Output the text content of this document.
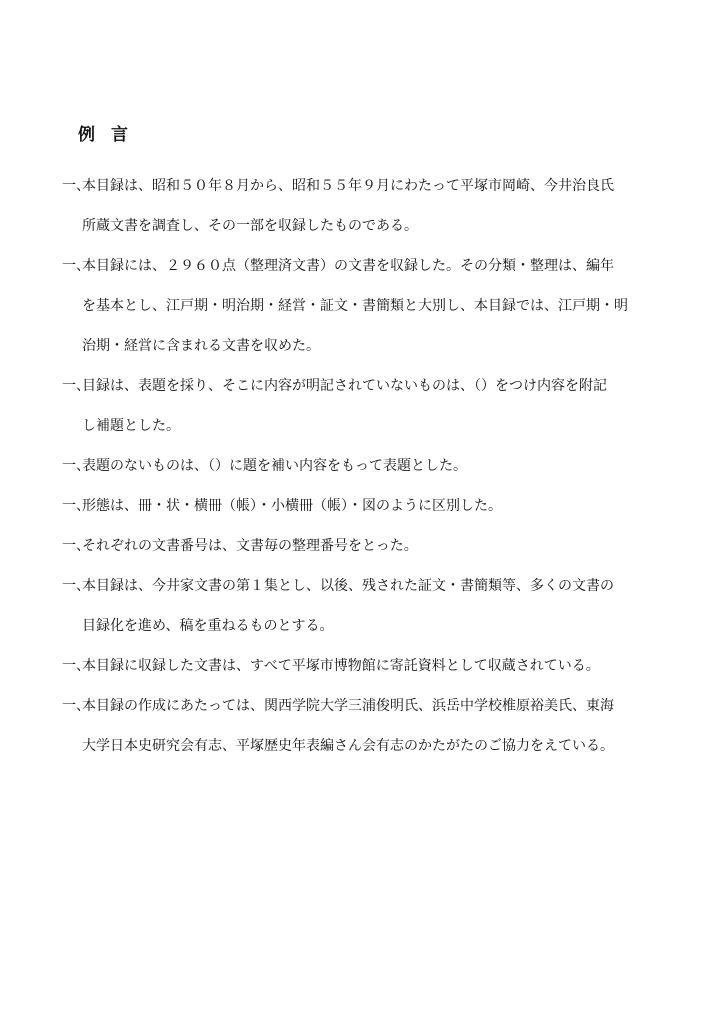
例言
一、
本目録は、昭和５０年８月から、昭和５５年９月にわたって平塚市岡崎、今井治良氏
所蔵文書を調査し、その一部を収録したものである。
一、
本目録には、２９６０点（整理済文書）の文書を収録した。その分類・整理は、編年
を基本とし、江戸期・明治期・経営・証文・書簡類と大別し、本目録では、江戸期・明
治期・経営に含まれる文書を収めた。
一、
目録は、表題を採り、そこに内容が明記されていないものは、（）をつけ内容を附記
し補題とした。
一、
表題のないものは、（）に題を補い内容をもって表題とした。
一、
形態は、冊・状・横冊（帳）・小横冊（帳）・図のように区別した。
一、
それぞれの文書番号は、文書毎の整理番号をとった。
一、
本目録は、今井家文書の第１集とし、以後、残された証文・書簡類等、多くの文書の
目録化を進め、稿を重ねるものとする。
一、
本目録に収録した文書は、すべて平塚市博物館に寄託資料として収蔵されている。
一、
本目録の作成にあたっては、関西学院大学三浦俊明氏、浜岳中学校椎原裕美氏、東海
大学日本史研究会有志、平塚歴史年表編さん会有志のかたがたのご協力をえている。
